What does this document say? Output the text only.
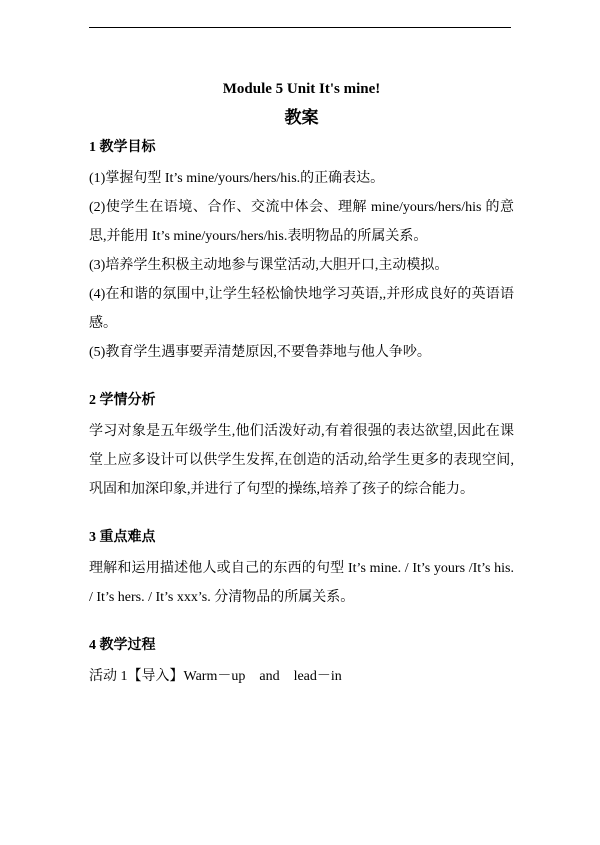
Module 5 Unit It's mine!
教案
1 教学目标

(1)掌握句型 It’s mine/yours/hers/his.的正确表达。

(2)使学生在语境、合作、交流中体会、理解 mine/yours/hers/his 的意思,并能用 It’s mine/yours/hers/his.表明物品的所属关系。

(3)培养学生积极主动地参与课堂活动,大胆开口,主动模拟。

(4)在和谐的氛围中,让学生轻松愉快地学习英语,,并形成良好的英语语感。

(5)教育学生遇事要弄清楚原因,不要鲁莽地与他人争吵。

2 学情分析

学习对象是五年级学生,他们活泼好动,有着很强的表达欲望,因此在课堂上应多设计可以供学生发挥,在创造的活动,给学生更多的表现空间,巩固和加深印象,并进行了句型的操练,培养了孩子的综合能力。

3 重点难点

理解和运用描述他人或自己的东西的句型 It’s mine. / It’s yours /It’s his. / It’s hers. / It’s xxx’s. 分清物品的所属关系。

4 教学过程

活动 1【导入】Warm－up　and　lead－in
